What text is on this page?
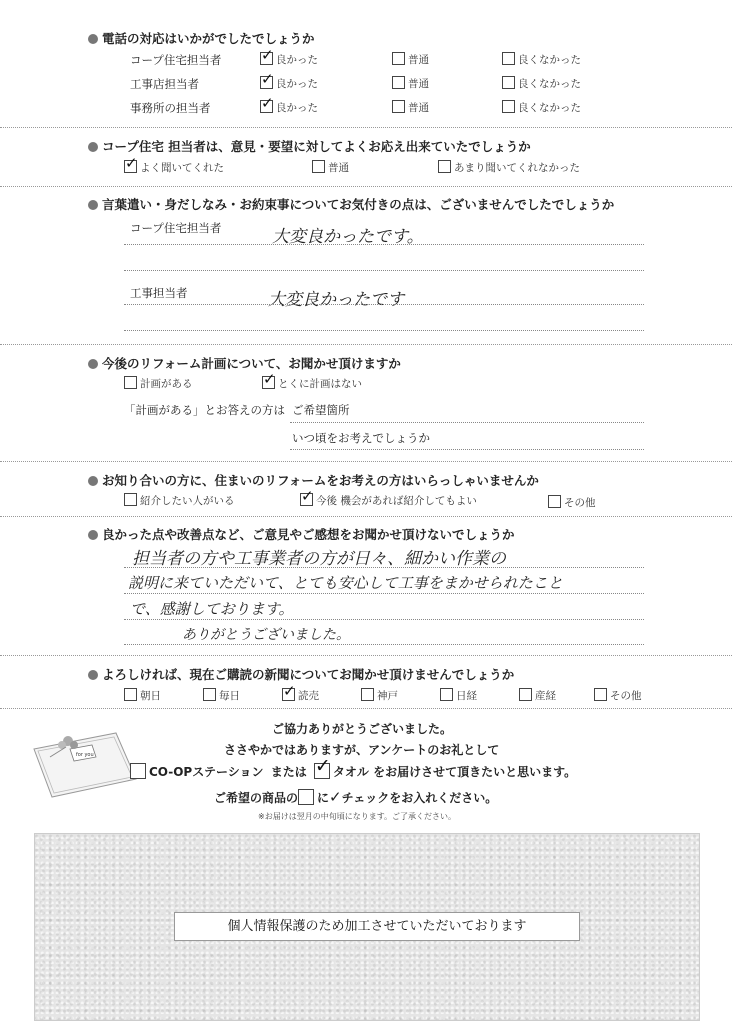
電話の対応はいかがでしたでしょうか
コープ住宅担当者 ✓	良かった	普通	良くなかった
工事店担当者 ✓	良かった	普通	良くなかった
事務所の担当者 ✓	良かった	普通	良くなかった
コープ住宅 担当者は、意見・要望に対してよくお応え出来ていたでしょうか
✓よく聞いてくれた	普通	あまり聞いてくれなかった
言葉遣い・身だしなみ・お約束事についてお気付きの点は、ございませんでしたでしょうか
コープ住宅担当者	大変良かったです。
工事担当者	大変良かったです
今後のリフォーム計画について、お聞かせ頂けますか
計画がある ✓	とくに計画はない
「計画がある」とお答えの方は ご希望箇所
いつ頃をお考えでしょうか
お知り合いの方に、住まいのリフォームをお考えの方はいらっしゃいませんか
紹介したい人がいる ✓	今後 機会があれば紹介してもよい	その他
良かった点や改善点など、ご意見やご感想をお聞かせ頂けないでしょうか
担当者の方や工事業者の方が日々、細かい作業の
説明に来ていただいて、とても安心して工事をまかせられたこと
で、感謝しております。
ありがとうございました。
よろしければ、現在ご購読の新聞についてお聞かせ頂けませんでしょうか
朝日	毎日 ✓	読売	神戸	日経	産経	その他
for you
ご協力ありがとうございました。
ささやかではありますが、アンケートのお礼として
CO-OPステーション または ✓ タオル をお届けさせて頂きたいと思います。
ご希望の商品の に✓チェックをお入れください。
※お届けは翌月の中旬頃になります。ご了承ください。
個人情報保護のため加工させていただいております
